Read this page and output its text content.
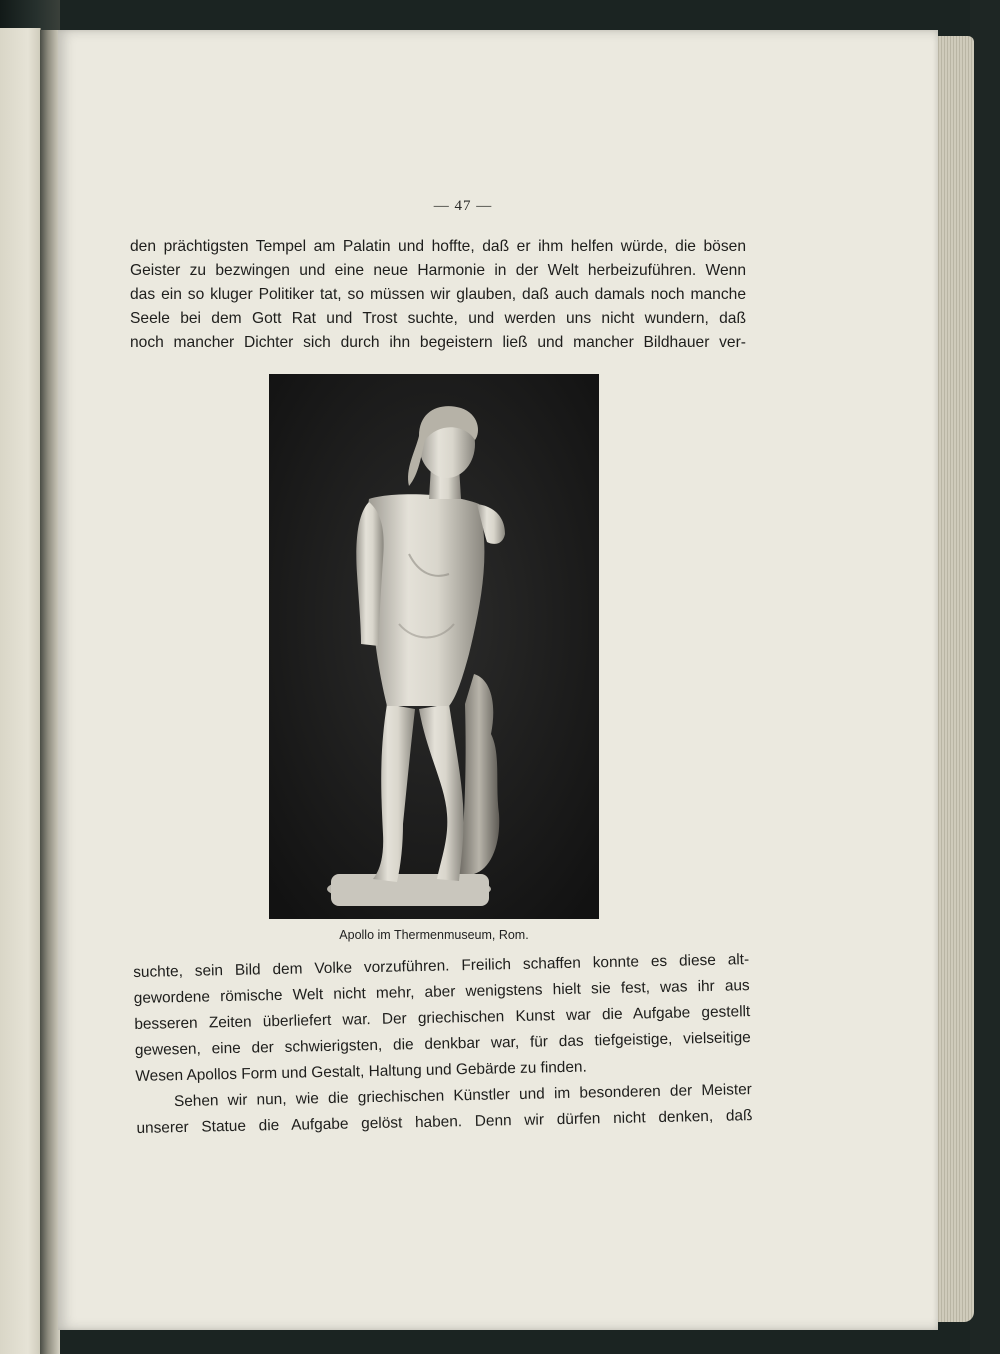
— 47 —
den prächtigsten Tempel am Palatin und hoffte, daß er ihm helfen würde, die bösen
Geister zu bezwingen und eine neue Harmonie in der Welt herbeizuführen. Wenn
das ein so kluger Politiker tat, so müssen wir glauben, daß auch damals noch manche
Seele bei dem Gott Rat und Trost suchte, und werden uns nicht wundern, daß
noch mancher Dichter sich durch ihn begeistern ließ und mancher Bildhauer ver-
Apollo im Thermenmuseum, Rom.
suchte, sein Bild dem Volke vorzuführen. Freilich schaffen konnte es diese alt-
gewordene römische Welt nicht mehr, aber wenigstens hielt sie fest, was ihr aus
besseren Zeiten überliefert war. Der griechischen Kunst war die Aufgabe gestellt
gewesen, eine der schwierigsten, die denkbar war, für das tiefgeistige, vielseitige
Wesen Apollos Form und Gestalt, Haltung und Gebärde zu finden.
Sehen wir nun, wie die griechischen Künstler und im besonderen der Meister
unserer Statue die Aufgabe gelöst haben. Denn wir dürfen nicht denken, daß
